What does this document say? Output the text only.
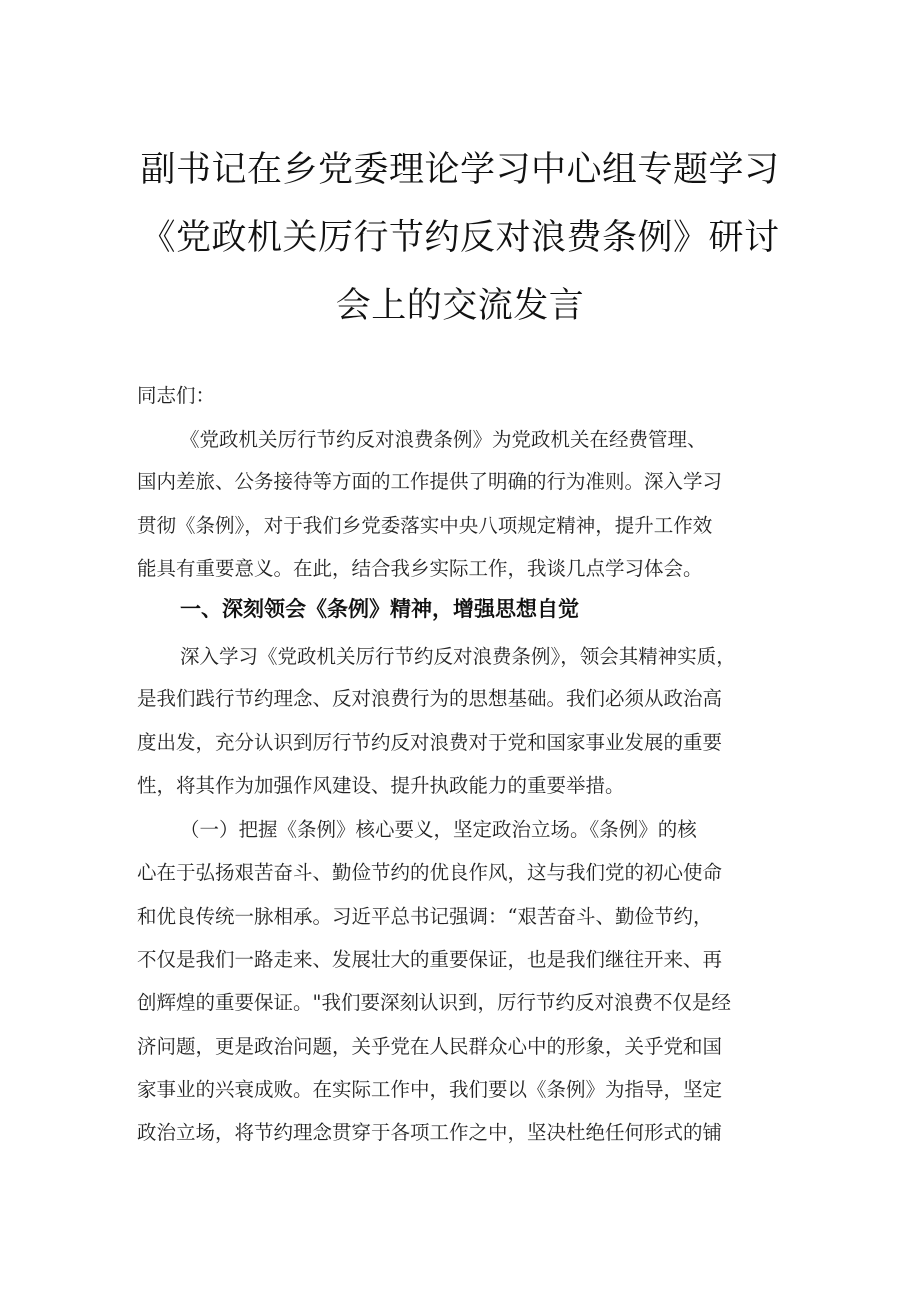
副书记在乡党委理论学习中心组专题学习
《党政机关厉行节约反对浪费条例》研讨
会上的交流发言
同志们：
《党政机关厉行节约反对浪费条例》为党政机关在经费管理、
国内差旅、公务接待等方面的工作提供了明确的行为准则。深入学习
贯彻《条例》，对于我们乡党委落实中央八项规定精神，提升工作效
能具有重要意义。在此，结合我乡实际工作，我谈几点学习体会。
一、深刻领会《条例》精神，增强思想自觉
深入学习《党政机关厉行节约反对浪费条例》，领会其精神实质，
是我们践行节约理念、反对浪费行为的思想基础。我们必须从政治高
度出发，充分认识到厉行节约反对浪费对于党和国家事业发展的重要
性，将其作为加强作风建设、提升执政能力的重要举措。
（一）把握《条例》核心要义，坚定政治立场。《条例》的核
心在于弘扬艰苦奋斗、勤俭节约的优良作风，这与我们党的初心使命
和优良传统一脉相承。习近平总书记强调：“艰苦奋斗、勤俭节约，
不仅是我们一路走来、发展壮大的重要保证，也是我们继往开来、再
创辉煌的重要保证。"我们要深刻认识到，厉行节约反对浪费不仅是经
济问题，更是政治问题，关乎党在人民群众心中的形象，关乎党和国
家事业的兴衰成败。在实际工作中，我们要以《条例》为指导，坚定
政治立场，将节约理念贯穿于各项工作之中，坚决杜绝任何形式的铺
